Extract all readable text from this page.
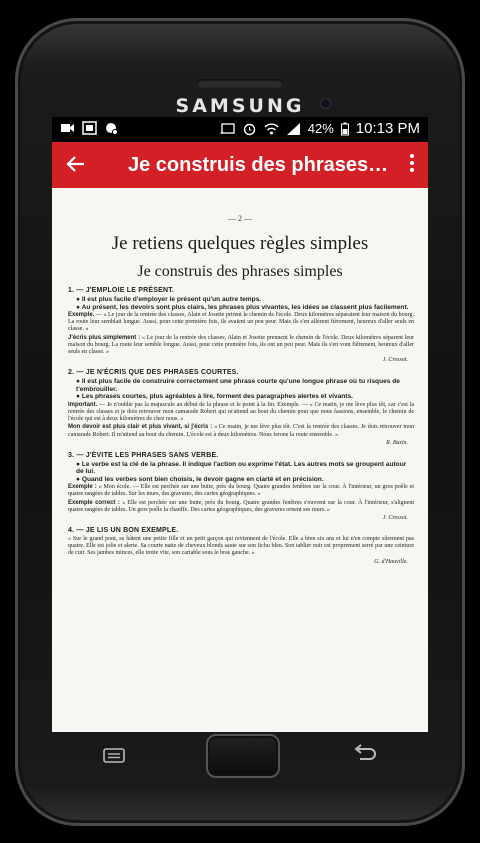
SAMSUNG
42% 10:13 PM
Je construis des phrases…
— 2 —
Je retiens quelques règles simples
Je construis des phrases simples
1. — J'EMPLOIE LE PRÉSENT.
● Il est plus facile d'employer le présent qu'un autre temps.
● Au présent, les devoirs sont plus clairs, les phrases plus vivantes, les idées se classent plus facilement.
Exemple. — « Le jour de la rentrée des classes, Alain et Josette prirent le chemin de l'école. Deux kilomètres séparaient leur maison du bourg. La route leur semblait longue. Aussi, pour cette première fois, ils avaient un peu peur. Mais ils s'en allèrent fièrement, heureux d'aller seuls en classe. »
J'écris plus simplement : « Le jour de la rentrée des classes, Alain et Josette prennent le chemin de l'école. Deux kilomètres séparent leur maison du bourg. La route leur semble longue. Aussi, pour cette première fois, ils ont un peu peur. Mais ils s'en vont fièrement, heureux d'aller seuls en classe. »
J. Cressot.
2. — JE N'ÉCRIS QUE DES PHRASES COURTES.
● Il est plus facile de construire correctement une phrase courte qu'une longue phrase où tu risques de t'embrouiller.
● Les phrases courtes, plus agréables à lire, forment des paragraphes alertes et vivants.
Important. — Je n'oublie pas la majuscule au début de la phrase et le point à la fin. Exemple. — « Ce matin, je me lève plus tôt, car c'est la rentrée des classes et je dois retrouver mon camarade Robert qui m'attend au bout du chemin pour que nous fassions, ensemble, le chemin de l'école qui est à deux kilomètres de chez nous. »
Mon devoir est plus clair et plus vivant, si j'écris : « Ce matin, je me lève plus tôt. C'est la rentrée des classes. Je dois retrouver mon camarade Robert. Il m'attend au bout du chemin. L'école est à deux kilomètres. Nous ferons la route ensemble. »
R. Bazin.
3. — J'ÉVITE LES PHRASES SANS VERBE.
● Le verbe est la clé de la phrase. Il indique l'action ou exprime l'état. Les autres mots se groupent autour de lui.
● Quand les verbes sont bien choisis, le devoir gagne en clarté et en précision.
Exemple : « Mon école. — Elle est perchée sur une butte, près du bourg. Quatre grandes fenêtres sur la cour. À l'intérieur, un gros poêle et quatre rangées de tables. Sur les murs, des gravures, des cartes géographiques. »
Exemple correct : « Elle est perchée sur une butte, près du bourg. Quatre grandes fenêtres s'ouvrent sur la cour. À l'intérieur, s'alignent quatre rangées de tables. Un gros poêle la chauffe. Des cartes géographiques, des gravures ornent ses murs. »
J. Cressot.
4. — JE LIS UN BON EXEMPLE.
« Sur le grand pont, se hâtent une petite fille et un petit garçon qui reviennent de l'école. Elle a bien six ans et lui n'en compte sûrement pas quatre. Elle est jolie et alerte. Sa courte natte de cheveux blonds saute sur son fichu bleu. Son tablier noir est proprement serré par une ceinture de cuir. Ses jambes minces, elle trotte vite, son cartable sous le bras gauche. »
G. d'Houville.
